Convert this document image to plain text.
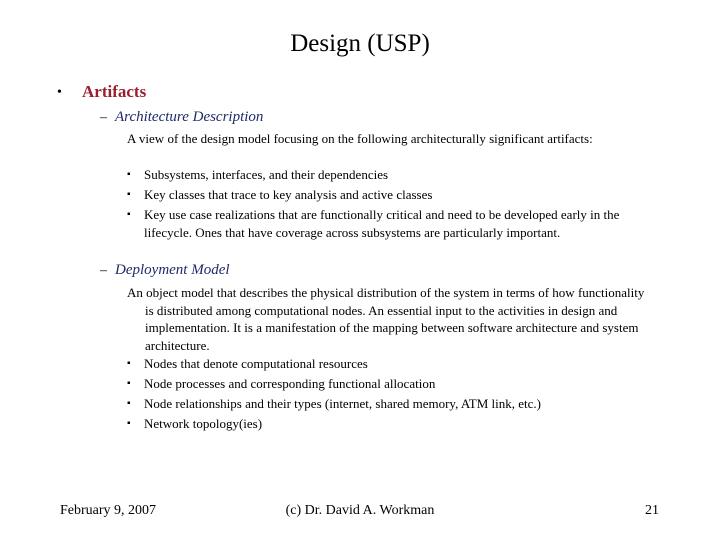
Design (USP)
• Artifacts
– Architecture Description
A view of the design model focusing on the following architecturally significant artifacts:
▪	Subsystems, interfaces, and their dependencies
▪	Key classes that trace to key analysis and active classes
▪	Key use case realizations that are functionally critical and need to be developed early in the lifecycle. Ones that have coverage across subsystems are particularly important.
– Deployment Model
An object model that describes the physical distribution of the system in terms of how functionality is distributed among computational nodes. An essential input to the activities in design and implementation. It is a manifestation of the mapping between software architecture and system architecture.
▪	Nodes that denote computational resources
▪	Node processes and corresponding functional allocation
▪	Node relationships and their types (internet, shared memory, ATM link, etc.)
▪	Network topology(ies)
February 9, 2007	(c) Dr. David A. Workman	21
